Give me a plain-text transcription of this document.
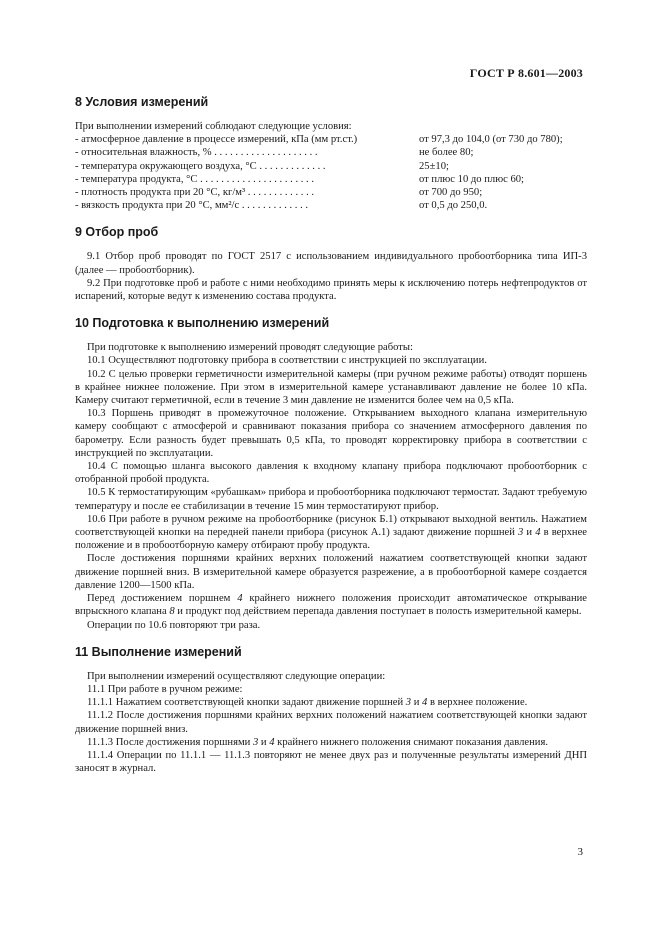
ГОСТ Р 8.601—2003
8 Условия измерений

При выполнении измерений соблюдают следующие условия:

- атмосферное давление в процессе измерений, кПа (мм рт.ст.)	от 97,3 до 104,0 (от 730 до 780);
- относительная влажность, % . . . . . . . . . . . . . . . . . . . .	не более 80;
- температура окружающего воздуха, °С . . . . . . . . . . . . .	25±10;
- температура продукта, °С . . . . . . . . . . . . . . . . . . . . . .	от плюс 10 до плюс 60;
- плотность продукта при 20 °С, кг/м³ . . . . . . . . . . . . .	от 700 до 950;
- вязкость продукта при 20 °С, мм²/с . . . . . . . . . . . . .	от 0,5 до 250,0.
9 Отбор проб

9.1 Отбор проб проводят по ГОСТ 2517 с использованием индивидуального пробоотборника типа ИП-3 (далее — пробоотборник).

9.2 При подготовке проб и работе с ними необходимо принять меры к исключению потерь нефтепродуктов от испарений, которые ведут к изменению состава продукта.

10 Подготовка к выполнению измерений

При подготовке к выполнению измерений проводят следующие работы:

10.1 Осуществляют подготовку прибора в соответствии с инструкцией по эксплуатации.

10.2 С целью проверки герметичности измерительной камеры (при ручном режиме работы) отводят поршень в крайнее нижнее положение. При этом в измерительной камере устанавливают давление не более 10 кПа. Камеру считают герметичной, если в течение 3 мин давление не изменится более чем на 0,5 кПа.

10.3 Поршень приводят в промежуточное положение. Открыванием выходного клапана измерительную камеру сообщают с атмосферой и сравнивают показания прибора со значением атмосферного давления по барометру. Если разность будет превышать 0,5 кПа, то проводят корректировку прибора в соответствии с инструкцией по эксплуатации.

10.4 С помощью шланга высокого давления к входному клапану прибора подключают пробоотборник с отобранной пробой продукта.

10.5 К термостатирующим «рубашкам» прибора и пробоотборника подключают термостат. Задают требуемую температуру и после ее стабилизации в течение 15 мин термостатируют прибор.

10.6 При работе в ручном режиме на пробоотборнике (рисунок Б.1) открывают выходной вентиль. Нажатием соответствующей кнопки на передней панели прибора (рисунок А.1) задают движение поршней 3 и 4 в верхнее положение и в пробоотборную камеру отбирают пробу продукта.

После достижения поршнями крайних верхних положений нажатием соответствующей кнопки задают движение поршней вниз. В измерительной камере образуется разрежение, а в пробоотборной камере создается давление 1200—1500 кПа.

Перед достижением поршнем 4 крайнего нижнего положения происходит автоматическое открывание впрыскного клапана 8 и продукт под действием перепада давления поступает в полость измерительной камеры.

Операции по 10.6 повторяют три раза.

11 Выполнение измерений

При выполнении измерений осуществляют следующие операции:

11.1 При работе в ручном режиме:

11.1.1 Нажатием соответствующей кнопки задают движение поршней 3 и 4 в верхнее положение.

11.1.2 После достижения поршнями крайних верхних положений нажатием соответствующей кнопки задают движение поршней вниз.

11.1.3 После достижения поршнями 3 и 4 крайнего нижнего положения снимают показания давления.

11.1.4 Операции по 11.1.1 — 11.1.3 повторяют не менее двух раз и полученные результаты измерений ДНП заносят в журнал.

3
